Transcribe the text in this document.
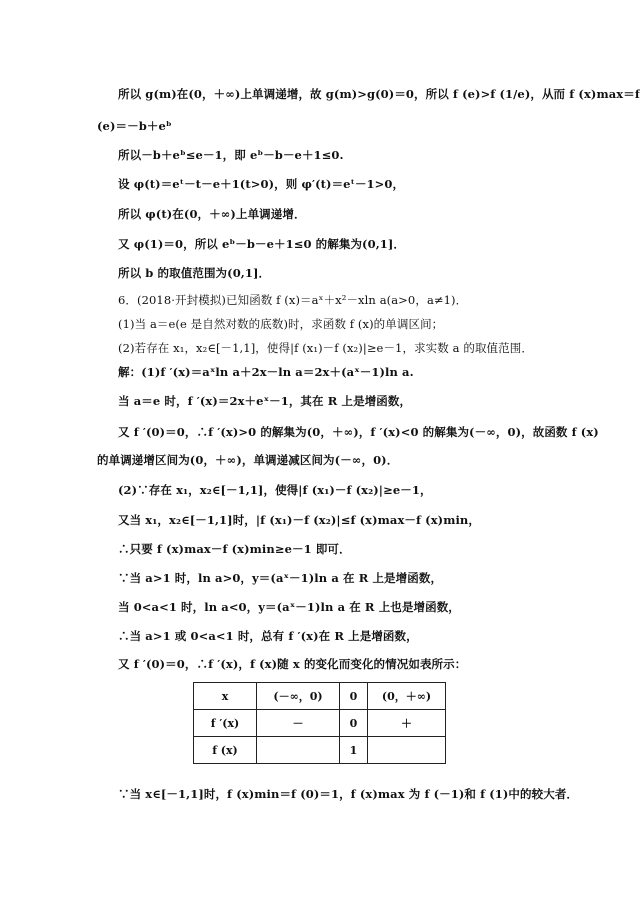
所以 g(m)在(0，＋∞)上单调递增，故 g(m)>g(0)＝0，所以 f (e)>f (1/e)，从而 f (x)max＝f
(e)＝－b＋eᵇ
所以－b＋eᵇ≤e－1，即 eᵇ－b－e＋1≤0.
设 φ(t)＝eᵗ－t－e＋1(t>0)，则 φ′(t)＝eᵗ－1>0，
所以 φ(t)在(0，＋∞)上单调递增．
又 φ(1)＝0，所以 eᵇ－b－e＋1≤0 的解集为(0,1]．
所以 b 的取值范围为(0,1]．
6．(2018·开封模拟)已知函数 f (x)＝aˣ＋x²－xln a(a>0，a≠1)．
(1)当 a＝e(e 是自然对数的底数)时，求函数 f (x)的单调区间；
(2)若存在 x₁，x₂∈[－1,1]，使得|f (x₁)－f (x₂)|≥e－1，求实数 a 的取值范围．
解：(1)f ′(x)＝aˣln a＋2x－ln a＝2x＋(aˣ－1)ln a.
当 a＝e 时，f ′(x)＝2x＋eˣ－1，其在 R 上是增函数，
又 f ′(0)＝0，∴f ′(x)>0 的解集为(0，＋∞)，f ′(x)<0 的解集为(－∞，0)，故函数 f (x)
的单调递增区间为(0，＋∞)，单调递减区间为(－∞，0)．
(2)∵存在 x₁，x₂∈[－1,1]，使得|f (x₁)－f (x₂)|≥e－1，
又当 x₁，x₂∈[－1,1]时，|f (x₁)－f (x₂)|≤f (x)max－f (x)min，
∴只要 f (x)max－f (x)min≥e－1 即可．
∵当 a>1 时，ln a>0，y＝(aˣ－1)ln a 在 R 上是增函数，
当 0<a<1 时，ln a<0，y＝(aˣ－1)ln a 在 R 上也是增函数，
∴当 a>1 或 0<a<1 时，总有 f ′(x)在 R 上是增函数，
又 f ′(0)＝0，∴f ′(x)，f (x)随 x 的变化而变化的情况如表所示：
x	(－∞，0)	0	(0，＋∞)
f ′(x)	－	0	＋
f (x)		1	
∵当 x∈[－1,1]时，f (x)min＝f (0)＝1，f (x)max 为 f (－1)和 f (1)中的较大者．
